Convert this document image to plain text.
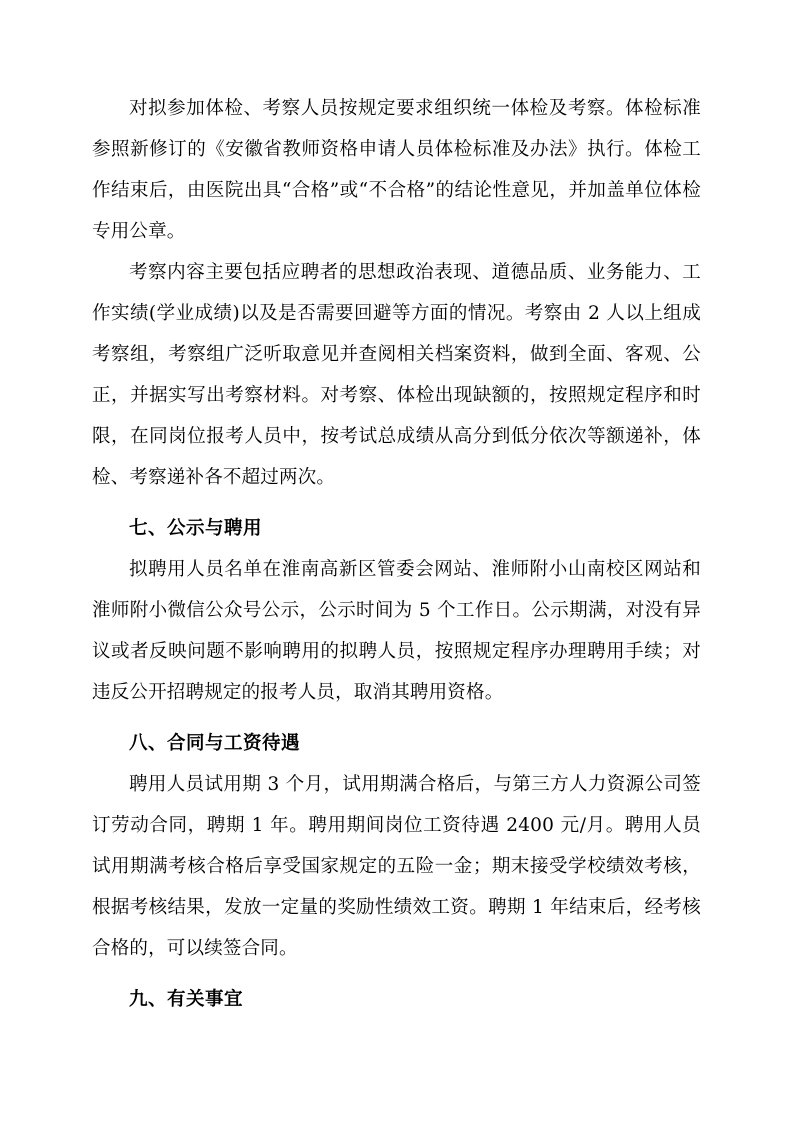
对拟参加体检、考察人员按规定要求组织统一体检及考察。体检标准参照新修订的《安徽省教师资格申请人员体检标准及办法》执行。体检工作结束后，由医院出具“合格”或“不合格”的结论性意见，并加盖单位体检专用公章。

考察内容主要包括应聘者的思想政治表现、道德品质、业务能力、工作实绩(学业成绩)以及是否需要回避等方面的情况。考察由 2 人以上组成考察组，考察组广泛听取意见并查阅相关档案资料，做到全面、客观、公正，并据实写出考察材料。对考察、体检出现缺额的，按照规定程序和时限，在同岗位报考人员中，按考试总成绩从高分到低分依次等额递补，体检、考察递补各不超过两次。

七、公示与聘用

拟聘用人员名单在淮南高新区管委会网站、淮师附小山南校区网站和淮师附小微信公众号公示，公示时间为 5 个工作日。公示期满，对没有异议或者反映问题不影响聘用的拟聘人员，按照规定程序办理聘用手续；对违反公开招聘规定的报考人员，取消其聘用资格。

八、合同与工资待遇

聘用人员试用期 3 个月，试用期满合格后，与第三方人力资源公司签订劳动合同，聘期 1 年。聘用期间岗位工资待遇 2400 元/月。聘用人员试用期满考核合格后享受国家规定的五险一金；期末接受学校绩效考核，根据考核结果，发放一定量的奖励性绩效工资。聘期 1 年结束后，经考核合格的，可以续签合同。

九、有关事宜
